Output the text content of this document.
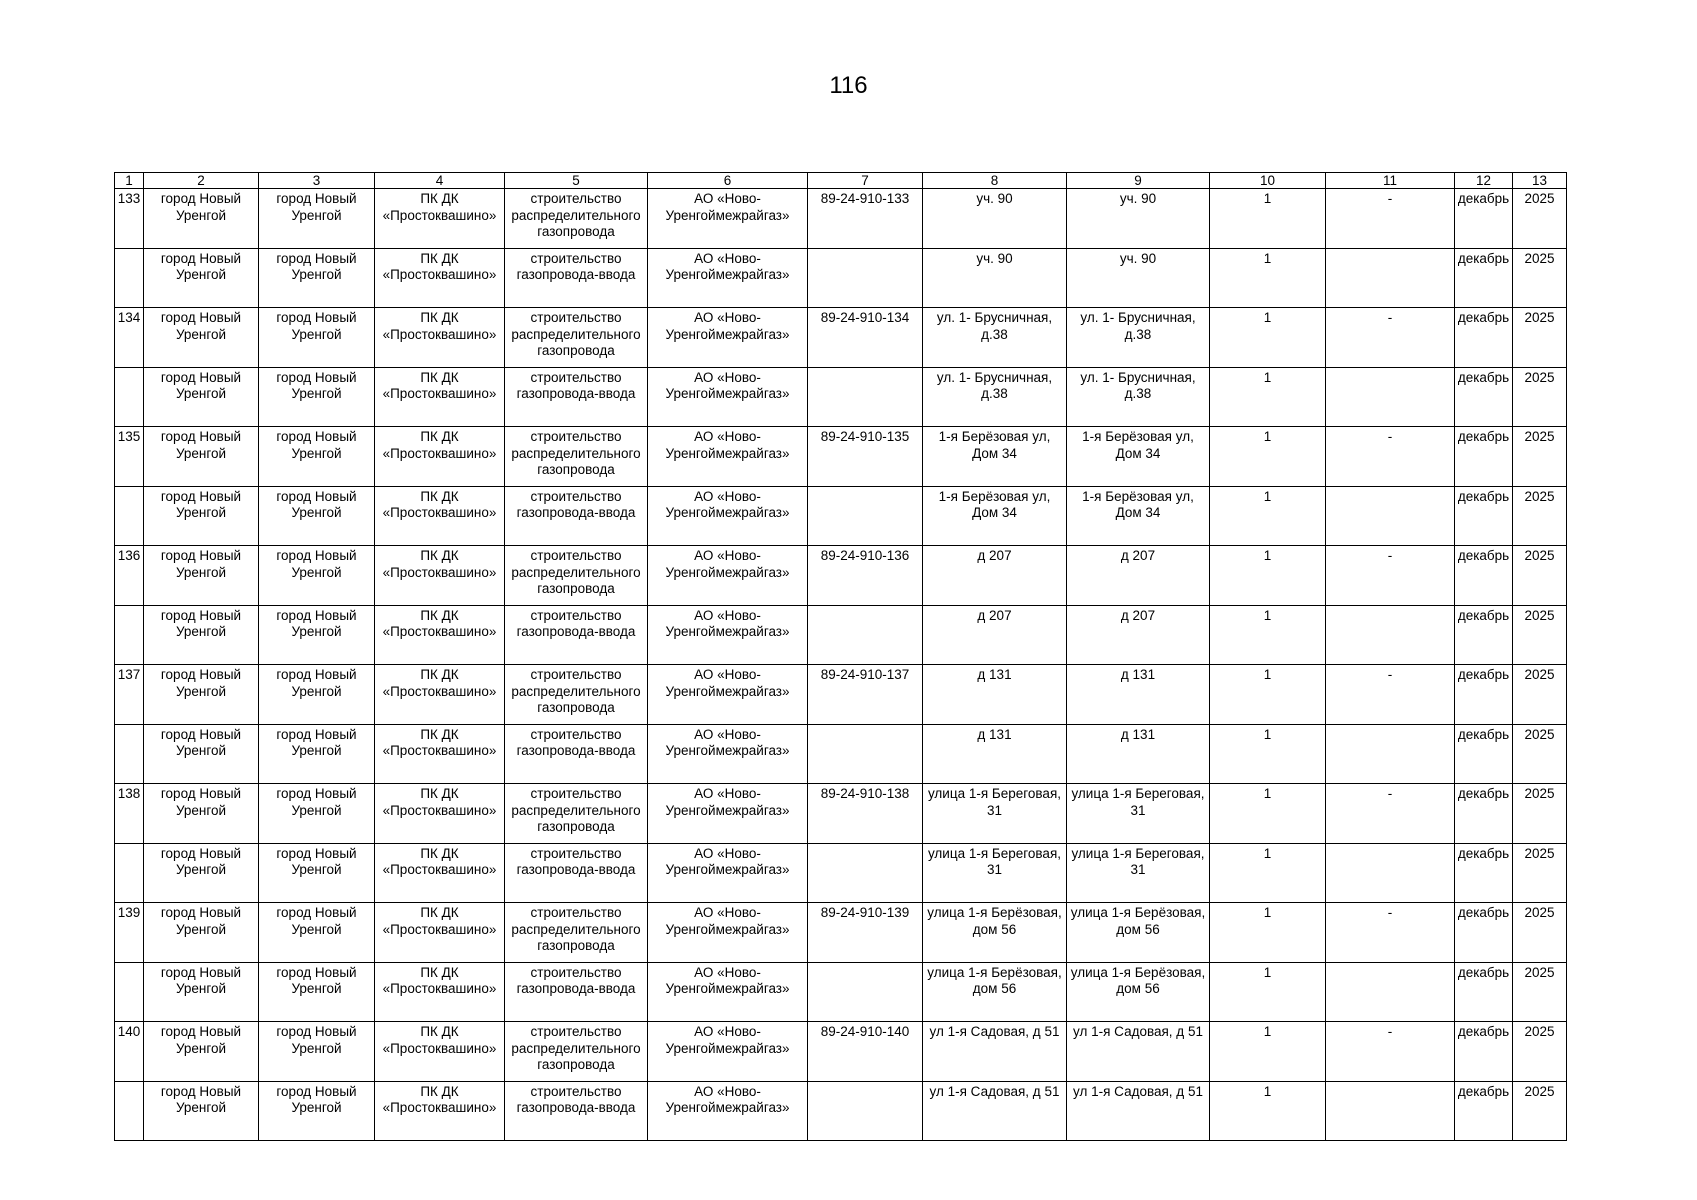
116
1	2	3	4	5	6	7	8	9	10	11	12	13
133	город Новый Уренгой	город Новый Уренгой	ПК ДК «Простоквашино»	строительство распределительного газопровода	АО «Ново-Уренгоймежрайгаз»	89-24-910-133	уч. 90	уч. 90	1	-	декабрь	2025
	город Новый Уренгой	город Новый Уренгой	ПК ДК «Простоквашино»	строительство газопровода-ввода	АО «Ново-Уренгоймежрайгаз»		уч. 90	уч. 90	1		декабрь	2025
134	город Новый Уренгой	город Новый Уренгой	ПК ДК «Простоквашино»	строительство распределительного газопровода	АО «Ново-Уренгоймежрайгаз»	89-24-910-134	ул. 1- Брусничная, д.38	ул. 1- Брусничная, д.38	1	-	декабрь	2025
	город Новый Уренгой	город Новый Уренгой	ПК ДК «Простоквашино»	строительство газопровода-ввода	АО «Ново-Уренгоймежрайгаз»		ул. 1- Брусничная, д.38	ул. 1- Брусничная, д.38	1		декабрь	2025
135	город Новый Уренгой	город Новый Уренгой	ПК ДК «Простоквашино»	строительство распределительного газопровода	АО «Ново-Уренгоймежрайгаз»	89-24-910-135	1-я Берёзовая ул, Дом 34	1-я Берёзовая ул, Дом 34	1	-	декабрь	2025
	город Новый Уренгой	город Новый Уренгой	ПК ДК «Простоквашино»	строительство газопровода-ввода	АО «Ново-Уренгоймежрайгаз»		1-я Берёзовая ул, Дом 34	1-я Берёзовая ул, Дом 34	1		декабрь	2025
136	город Новый Уренгой	город Новый Уренгой	ПК ДК «Простоквашино»	строительство распределительного газопровода	АО «Ново-Уренгоймежрайгаз»	89-24-910-136	д 207	д 207	1	-	декабрь	2025
	город Новый Уренгой	город Новый Уренгой	ПК ДК «Простоквашино»	строительство газопровода-ввода	АО «Ново-Уренгоймежрайгаз»		д 207	д 207	1		декабрь	2025
137	город Новый Уренгой	город Новый Уренгой	ПК ДК «Простоквашино»	строительство распределительного газопровода	АО «Ново-Уренгоймежрайгаз»	89-24-910-137	д 131	д 131	1	-	декабрь	2025
	город Новый Уренгой	город Новый Уренгой	ПК ДК «Простоквашино»	строительство газопровода-ввода	АО «Ново-Уренгоймежрайгаз»		д 131	д 131	1		декабрь	2025
138	город Новый Уренгой	город Новый Уренгой	ПК ДК «Простоквашино»	строительство распределительного газопровода	АО «Ново-Уренгоймежрайгаз»	89-24-910-138	улица 1-я Береговая, 31	улица 1-я Береговая, 31	1	-	декабрь	2025
	город Новый Уренгой	город Новый Уренгой	ПК ДК «Простоквашино»	строительство газопровода-ввода	АО «Ново-Уренгоймежрайгаз»		улица 1-я Береговая, 31	улица 1-я Береговая, 31	1		декабрь	2025
139	город Новый Уренгой	город Новый Уренгой	ПК ДК «Простоквашино»	строительство распределительного газопровода	АО «Ново-Уренгоймежрайгаз»	89-24-910-139	улица 1-я Берёзовая, дом 56	улица 1-я Берёзовая, дом 56	1	-	декабрь	2025
	город Новый Уренгой	город Новый Уренгой	ПК ДК «Простоквашино»	строительство газопровода-ввода	АО «Ново-Уренгоймежрайгаз»		улица 1-я Берёзовая, дом 56	улица 1-я Берёзовая, дом 56	1		декабрь	2025
140	город Новый Уренгой	город Новый Уренгой	ПК ДК «Простоквашино»	строительство распределительного газопровода	АО «Ново-Уренгоймежрайгаз»	89-24-910-140	ул 1-я Садовая, д 51	ул 1-я Садовая, д 51	1	-	декабрь	2025
	город Новый Уренгой	город Новый Уренгой	ПК ДК «Простоквашино»	строительство газопровода-ввода	АО «Ново-Уренгоймежрайгаз»		ул 1-я Садовая, д 51	ул 1-я Садовая, д 51	1		декабрь	2025
